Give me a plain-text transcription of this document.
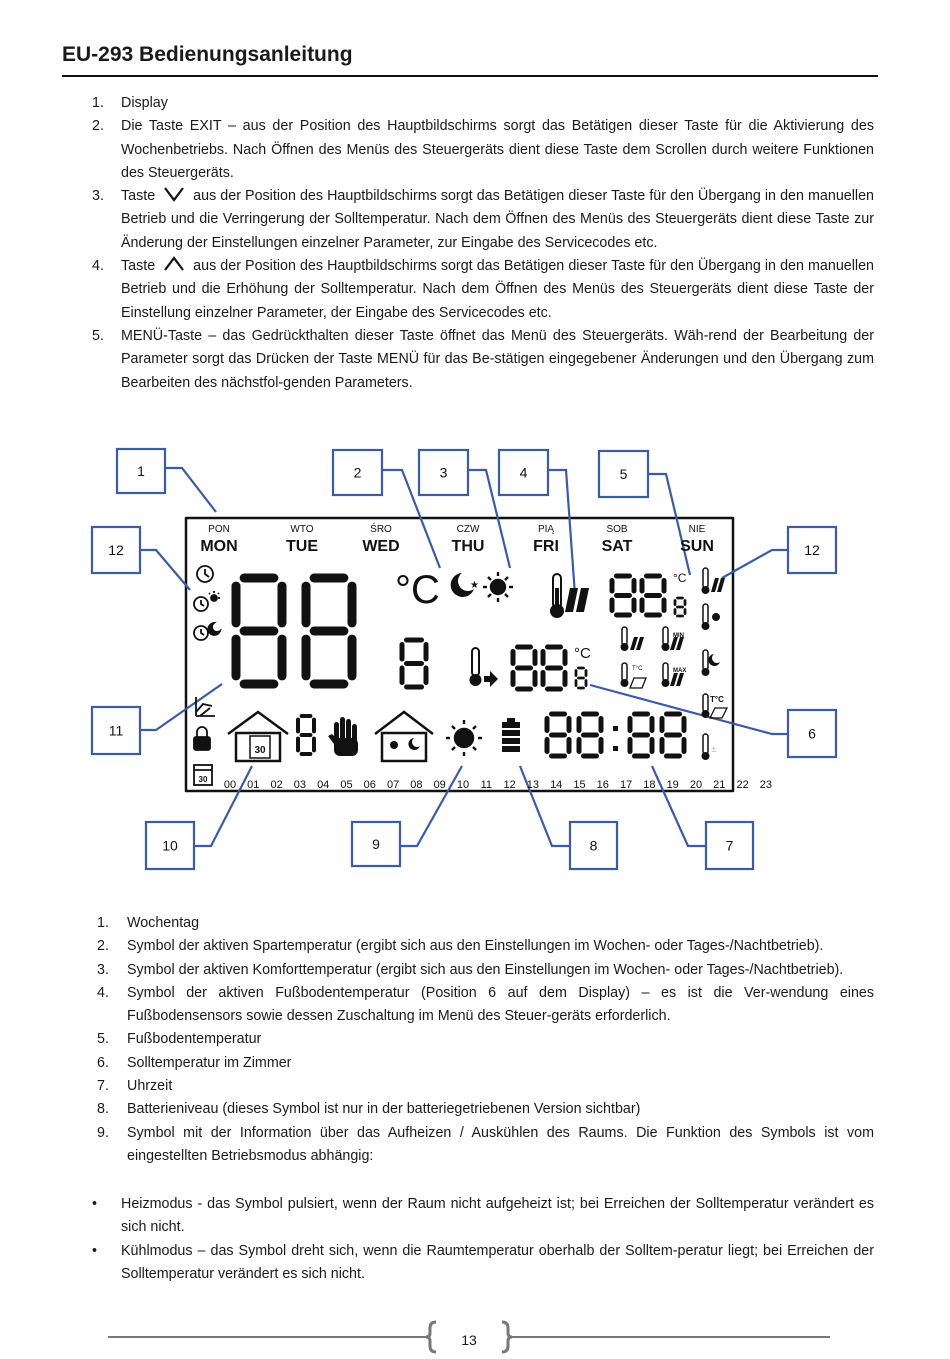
EU-293 Bedienungsanleitung
1. Display
2. Die Taste EXIT – aus der Position des Hauptbildschirms sorgt das Betätigen dieser Taste für die Aktivierung des Wochenbetriebs. Nach Öffnen des Menüs des Steuergeräts dient diese Taste dem Scrollen durch weitere Funktionen des Steuergeräts.
3. Taste	aus der Position des Hauptbildschirms sorgt das Betätigen dieser Taste für den Übergang in den manuellen Betrieb und die Verringerung der Solltemperatur. Nach dem Öffnen des Menüs des Steuergeräts dient diese Taste zur Änderung der Einstellungen einzelner Parameter, zur Eingabe des Servicecodes etc.
4. Taste	aus der Position des Hauptbildschirms sorgt das Betätigen dieser Taste für den Übergang in den manuellen Betrieb und die Erhöhung der Solltemperatur. Nach dem Öffnen des Menüs des Steuergeräts dient diese Taste der Einstellung einzelner Parameter, der Eingabe des Servicecodes etc.
5. MENÜ-Taste – das Gedrückthalten dieser Taste öffnet das Menü des Steuergeräts. Wäh-rend der Bearbeitung der Parameter sorgt das Drücken der Taste MENÜ für das Be-stätigen eingegebener Änderungen und den Übergang zum Bearbeiten des nächstfol-genden Parameters.
1	2	3	4	5
12	12
11	6
10	9	8	7
PON
MON
WTO
TUE
ŚRO
WED
CZW
THU
PIĄ
FRI
SOB
SAT
NIE
SUN
30
°C
°C
°C
★
T°C
±
T°C
MIN
MAX
30
00 01 02 03 04 05 06 07 08 09 10 11 12 13 14 15 16 17 18 19 20 21 22 23
1. Wochentag
2. Symbol der aktiven Spartemperatur (ergibt sich aus den Einstellungen im Wochen- oder Tages-/Nachtbetrieb).
3. Symbol der aktiven Komforttemperatur (ergibt sich aus den Einstellungen im Wochen- oder Tages-/Nachtbetrieb).
4. Symbol der aktiven Fußbodentemperatur (Position 6 auf dem Display) – es ist die Ver-wendung eines Fußbodensensors sowie dessen Zuschaltung im Menü des Steuer-geräts erforderlich.
5. Fußbodentemperatur
6. Solltemperatur im Zimmer
7. Uhrzeit
8. Batterieniveau (dieses Symbol ist nur in der batteriegetriebenen Version sichtbar)
9. Symbol mit der Information über das Aufheizen / Auskühlen des Raums. Die Funktion des Symbols ist vom eingestellten Betriebsmodus abhängig:
• Heizmodus - das Symbol pulsiert, wenn der Raum nicht aufgeheizt ist; bei Erreichen der Solltemperatur verändert es sich nicht.
• Kühlmodus – das Symbol dreht sich, wenn die Raumtemperatur oberhalb der Solltem-peratur liegt; bei Erreichen der Solltemperatur verändert es sich nicht.
13
